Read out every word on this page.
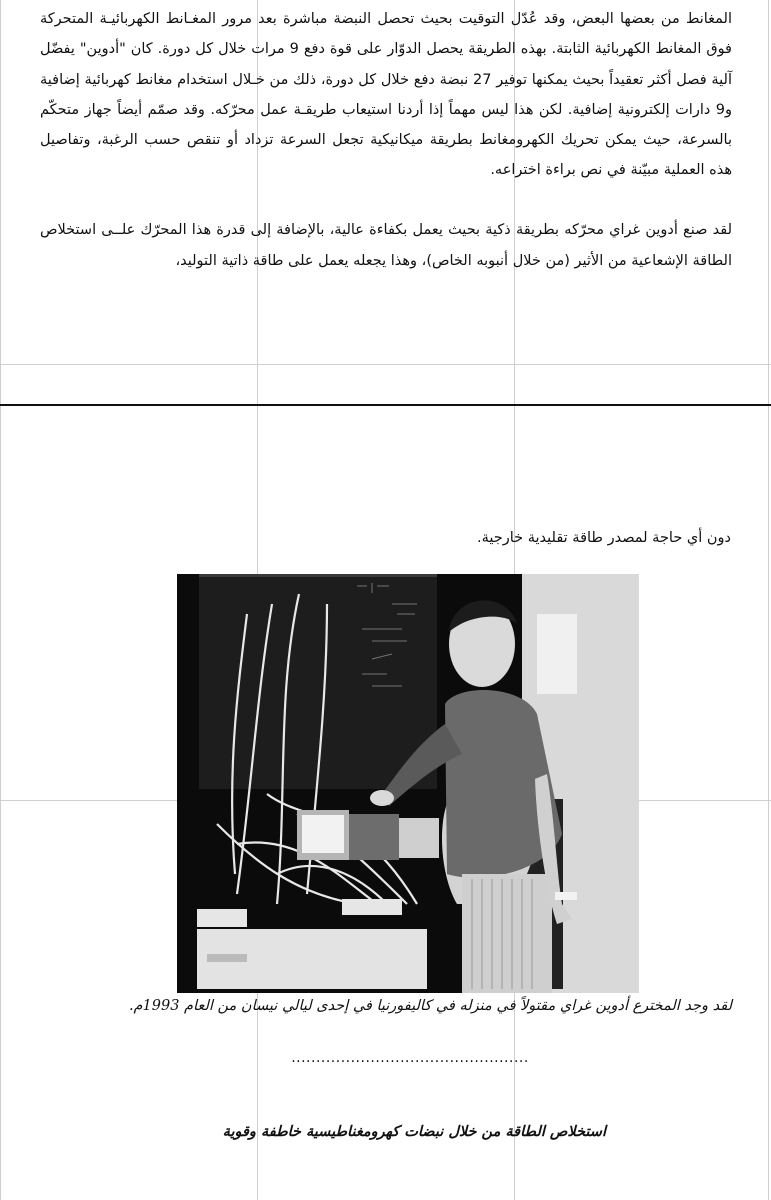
المغانط من بعضها البعض، وقد عُدّل التوقيت بحيث تحصل النبضة مباشرة بعد مرور المغـانط الكهربائيـة المتحركة فوق المغانط الكهربائية الثابتة. بهذه الطريقة يحصل الدوّار على قوة دفع 9 مرات خلال كل دورة. كان "أدوين" يفضّل آلية فصل أكثر تعقيداً بحيث يمكنها توفير 27 نبضة دفع خلال كل دورة، ذلك من خـلال استخدام مغانط كهربائية إضافية و9 دارات إلكترونية إضافية. لكن هذا ليس مهماً إذا أردنا استيعاب طريقـة عمل محرّكه. وقد صمّم أيضاً جهاز متحكّم بالسرعة، حيث يمكن تحريك الكهرومغانط بطريقة ميكانيكية تجعل السرعة تزداد أو تنقص حسب الرغبة، وتفاصيل هذه العملية مبيّنة في نص براءة اختراعه.

لقد صنع أدوين غراي محرّكه بطريقة ذكية بحيث يعمل بكفاءة عالية، بالإضافة إلى قدرة هذا المحرّك علــى استخلاص الطاقة الإشعاعية من الأثير (من خلال أنبوبه الخاص)، وهذا يجعله يعمل على طاقة ذاتية التوليد،

دون أي حاجة لمصدر طاقة تقليدية خارجية.
لقد وجد المخترع أدوين غراي مقتولاً في منزله في كاليفورنيا في إحدى ليالي نيسان من العام 1993م.
................................................
استخلاص الطاقة من خلال نبضات كهرومغناطيسية خاطفة وقوية
